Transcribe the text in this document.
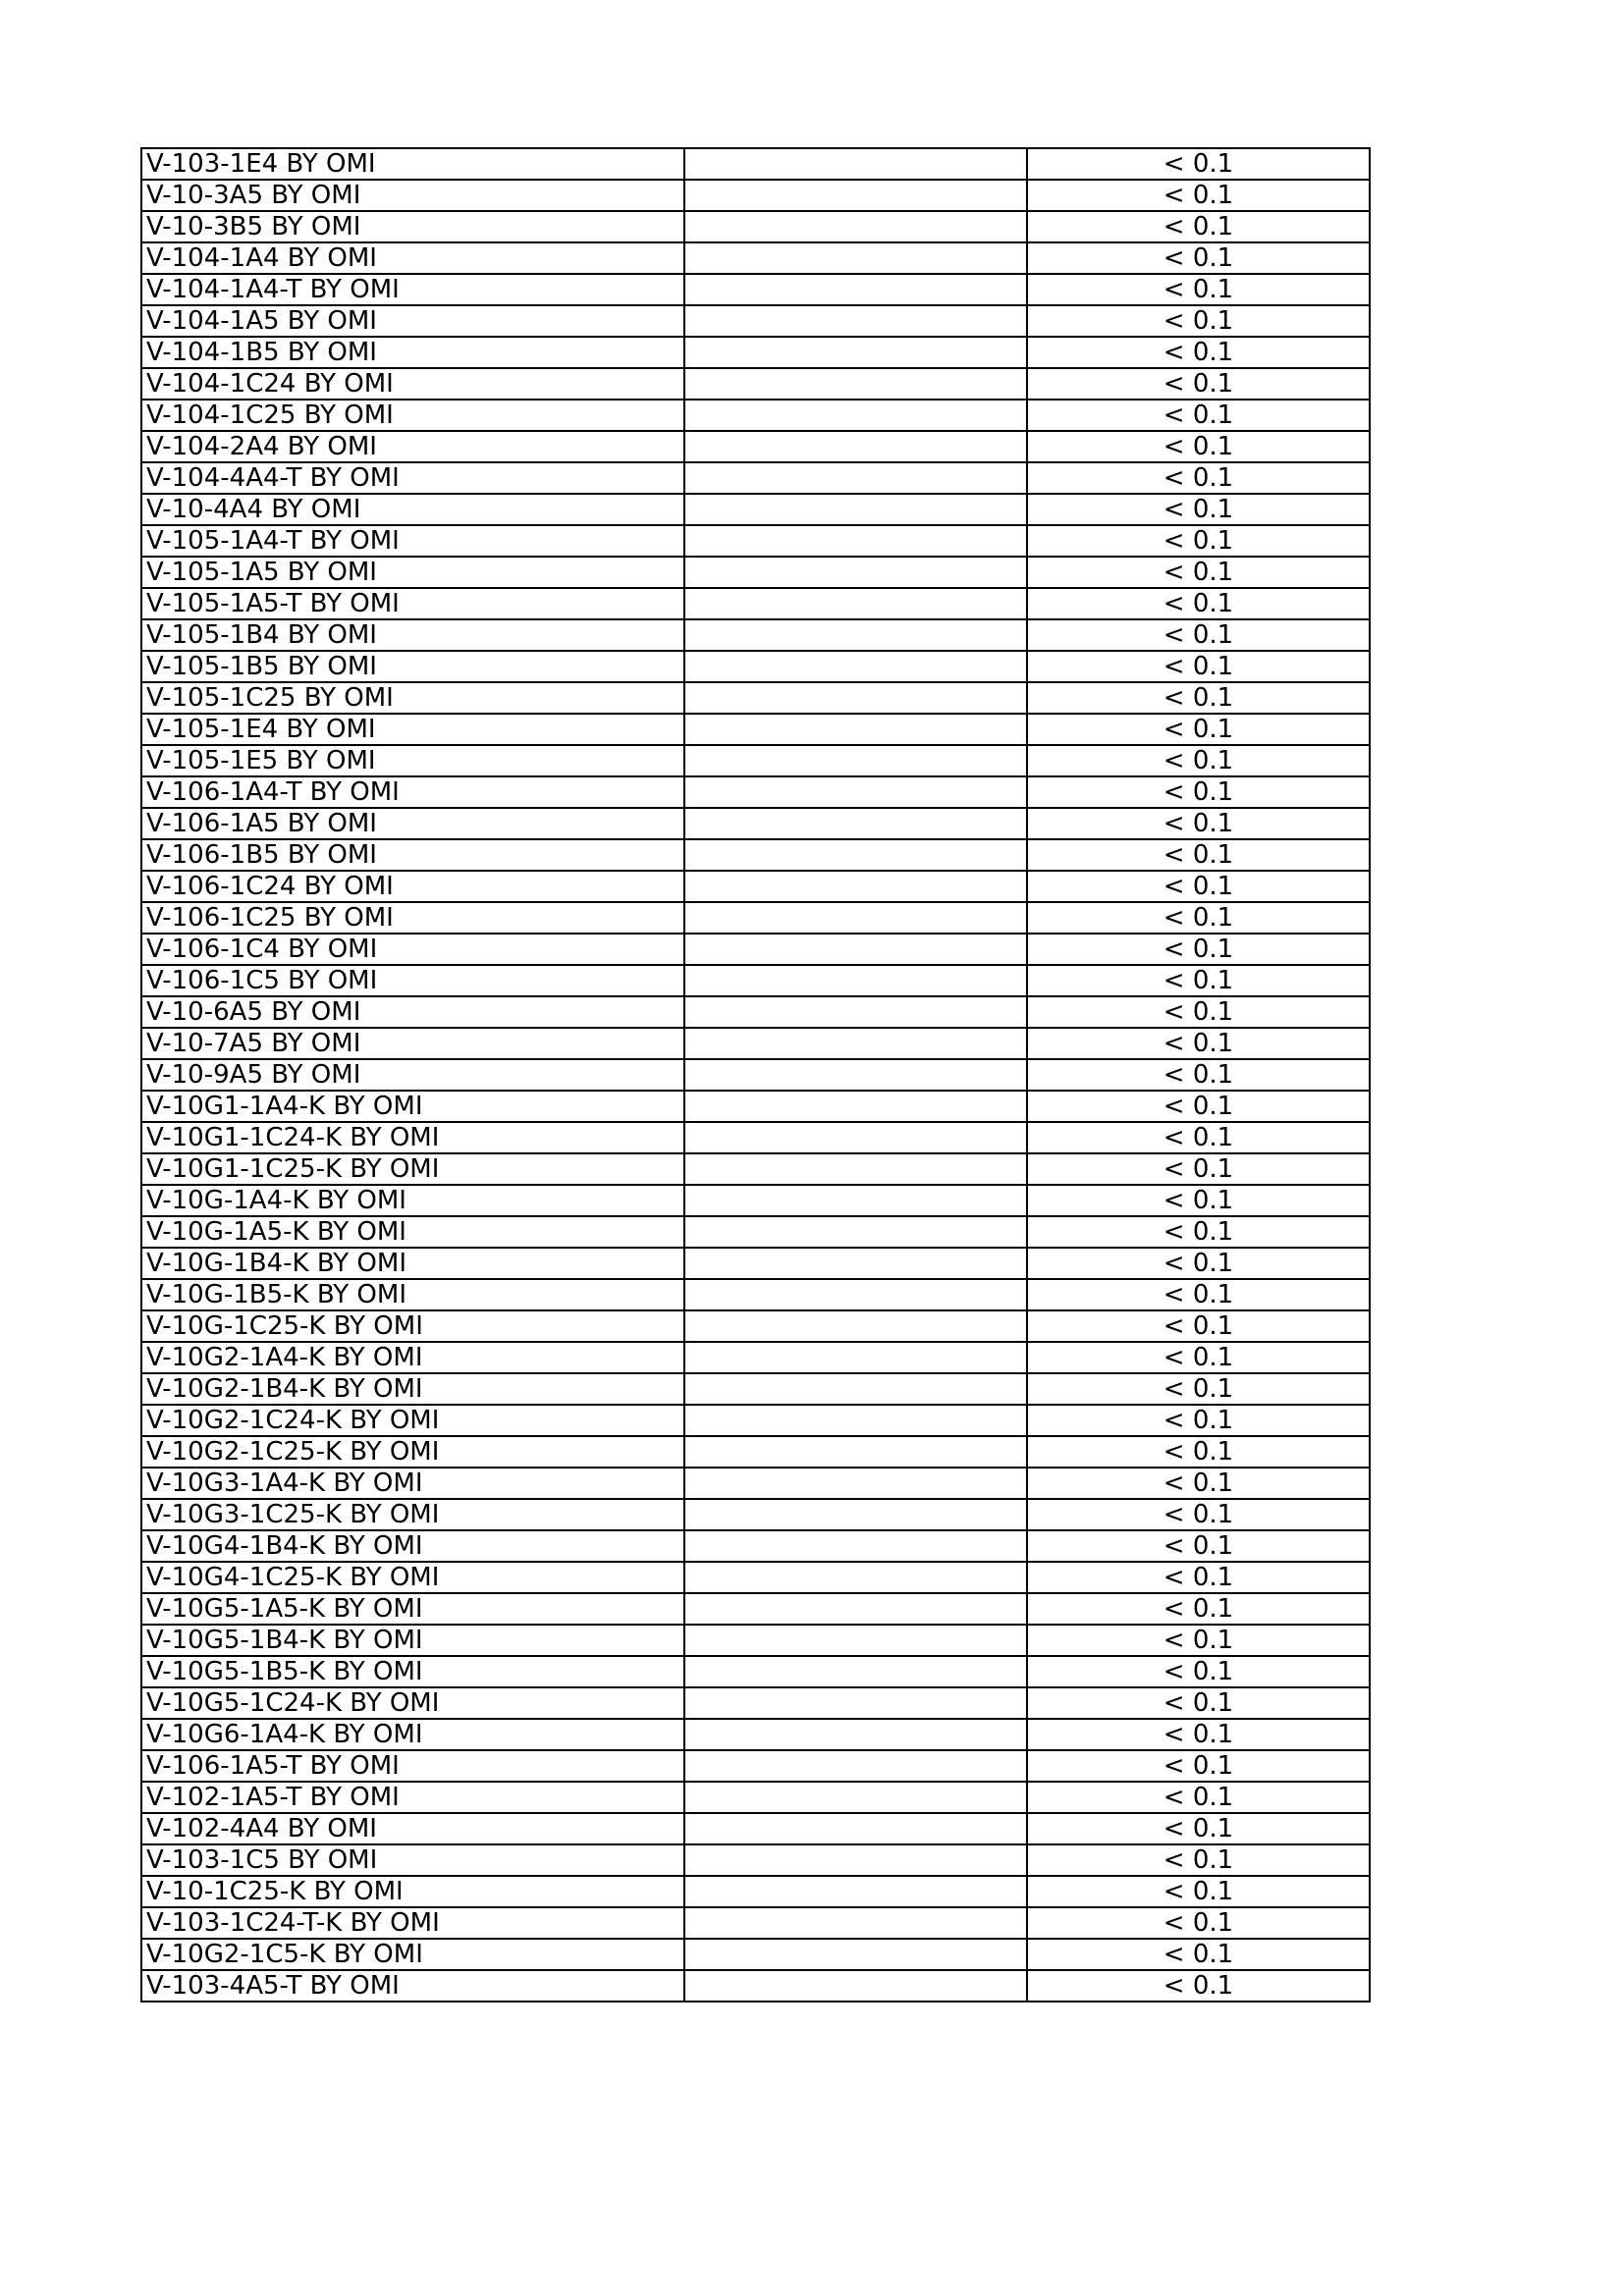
V-103-1E4 BY OMI		< 0.1
V-10-3A5 BY OMI		< 0.1
V-10-3B5 BY OMI		< 0.1
V-104-1A4 BY OMI		< 0.1
V-104-1A4-T BY OMI		< 0.1
V-104-1A5 BY OMI		< 0.1
V-104-1B5 BY OMI		< 0.1
V-104-1C24 BY OMI		< 0.1
V-104-1C25 BY OMI		< 0.1
V-104-2A4 BY OMI		< 0.1
V-104-4A4-T BY OMI		< 0.1
V-10-4A4 BY OMI		< 0.1
V-105-1A4-T BY OMI		< 0.1
V-105-1A5 BY OMI		< 0.1
V-105-1A5-T BY OMI		< 0.1
V-105-1B4 BY OMI		< 0.1
V-105-1B5 BY OMI		< 0.1
V-105-1C25 BY OMI		< 0.1
V-105-1E4 BY OMI		< 0.1
V-105-1E5 BY OMI		< 0.1
V-106-1A4-T BY OMI		< 0.1
V-106-1A5 BY OMI		< 0.1
V-106-1B5 BY OMI		< 0.1
V-106-1C24 BY OMI		< 0.1
V-106-1C25 BY OMI		< 0.1
V-106-1C4 BY OMI		< 0.1
V-106-1C5 BY OMI		< 0.1
V-10-6A5 BY OMI		< 0.1
V-10-7A5 BY OMI		< 0.1
V-10-9A5 BY OMI		< 0.1
V-10G1-1A4-K BY OMI		< 0.1
V-10G1-1C24-K BY OMI		< 0.1
V-10G1-1C25-K BY OMI		< 0.1
V-10G-1A4-K BY OMI		< 0.1
V-10G-1A5-K BY OMI		< 0.1
V-10G-1B4-K BY OMI		< 0.1
V-10G-1B5-K BY OMI		< 0.1
V-10G-1C25-K BY OMI		< 0.1
V-10G2-1A4-K BY OMI		< 0.1
V-10G2-1B4-K BY OMI		< 0.1
V-10G2-1C24-K BY OMI		< 0.1
V-10G2-1C25-K BY OMI		< 0.1
V-10G3-1A4-K BY OMI		< 0.1
V-10G3-1C25-K BY OMI		< 0.1
V-10G4-1B4-K BY OMI		< 0.1
V-10G4-1C25-K BY OMI		< 0.1
V-10G5-1A5-K BY OMI		< 0.1
V-10G5-1B4-K BY OMI		< 0.1
V-10G5-1B5-K BY OMI		< 0.1
V-10G5-1C24-K BY OMI		< 0.1
V-10G6-1A4-K BY OMI		< 0.1
V-106-1A5-T BY OMI		< 0.1
V-102-1A5-T BY OMI		< 0.1
V-102-4A4 BY OMI		< 0.1
V-103-1C5 BY OMI		< 0.1
V-10-1C25-K BY OMI		< 0.1
V-103-1C24-T-K BY OMI		< 0.1
V-10G2-1C5-K BY OMI		< 0.1
V-103-4A5-T BY OMI		< 0.1
